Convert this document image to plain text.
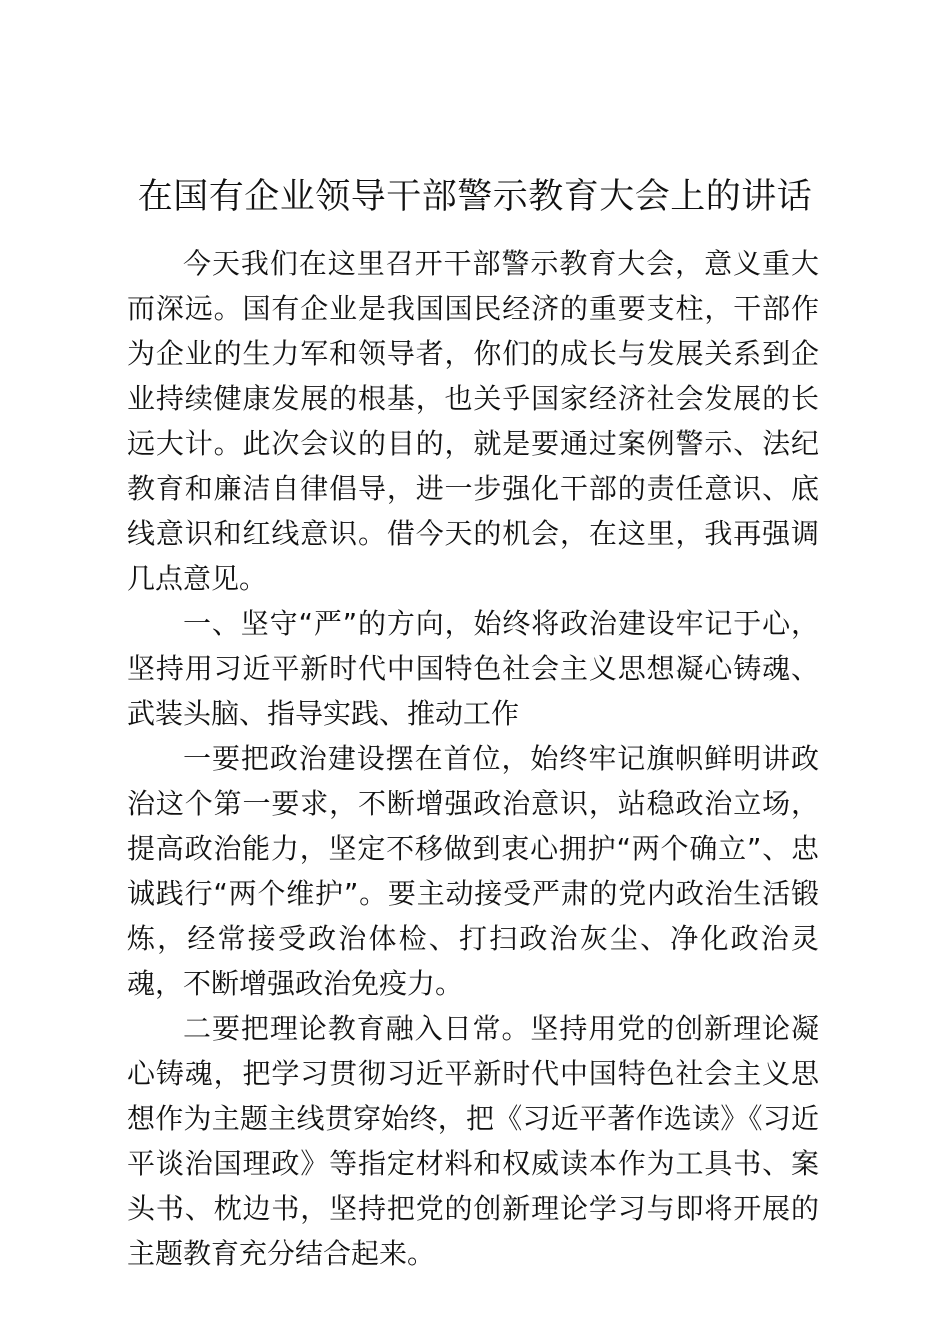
在国有企业领导干部警示教育大会上的讲话

今天我们在这里召开干部警示教育大会，意义重大而深远。国有企业是我国国民经济的重要支柱，干部作为企业的生力军和领导者，你们的成长与发展关系到企业持续健康发展的根基，也关乎国家经济社会发展的长远大计。此次会议的目的，就是要通过案例警示、法纪教育和廉洁自律倡导，进一步强化干部的责任意识、底线意识和红线意识。借今天的机会，在这里，我再强调几点意见。

一、坚守“严”的方向，始终将政治建设牢记于心，坚持用习近平新时代中国特色社会主义思想凝心铸魂、武装头脑、指导实践、推动工作

一要把政治建设摆在首位，始终牢记旗帜鲜明讲政治这个第一要求，不断增强政治意识，站稳政治立场，提高政治能力，坚定不移做到衷心拥护“两个确立”、忠诚践行“两个维护”。要主动接受严肃的党内政治生活锻炼，经常接受政治体检、打扫政治灰尘、净化政治灵魂，不断增强政治免疫力。

二要把理论教育融入日常。坚持用党的创新理论凝心铸魂，把学习贯彻习近平新时代中国特色社会主义思想作为主题主线贯穿始终，把《习近平著作选读》《习近平谈治国理政》等指定材料和权威读本作为工具书、案头书、枕边书，坚持把党的创新理论学习与即将开展的主题教育充分结合起来。
